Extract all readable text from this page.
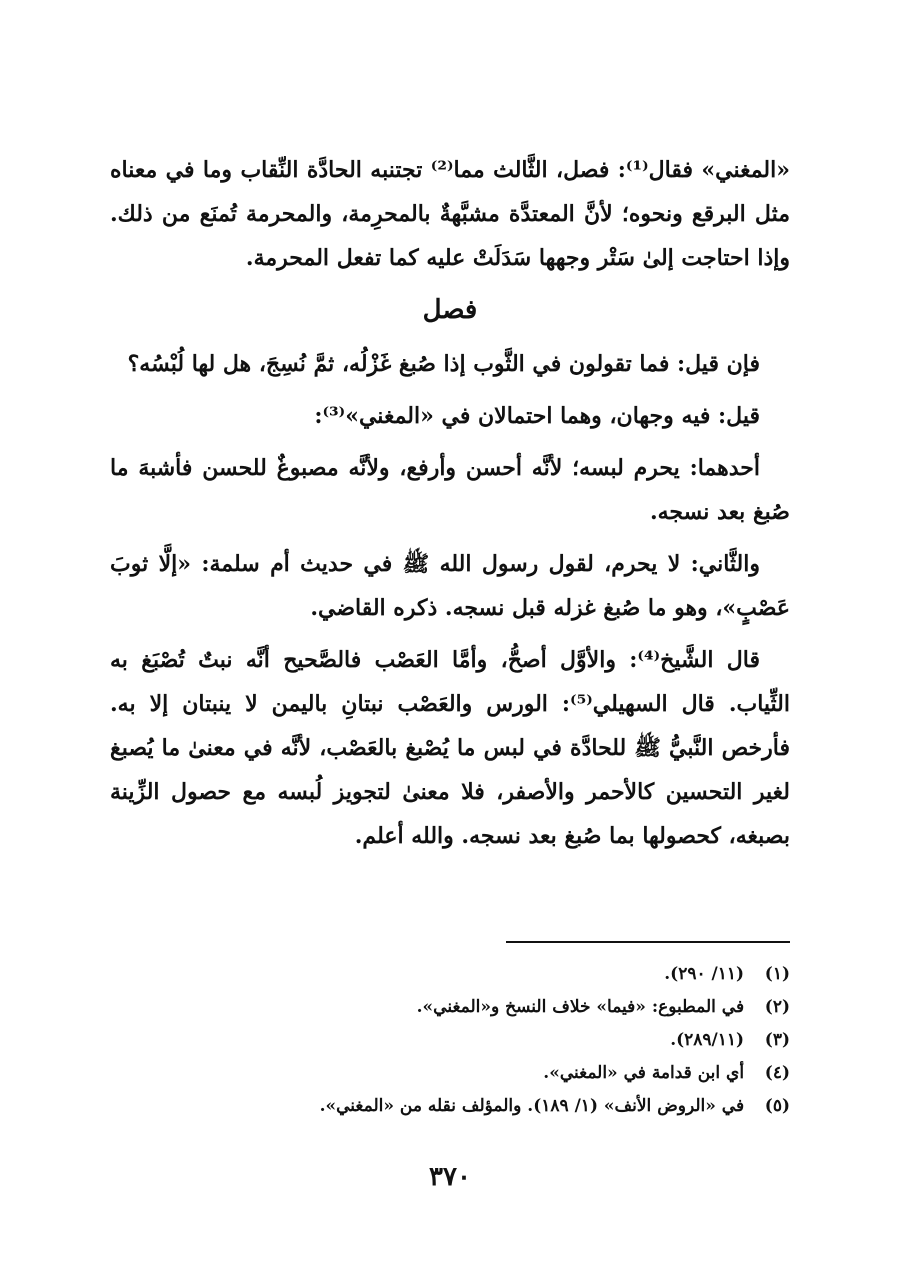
«المغني» فقال⁽¹⁾: فصل، الثَّالث مما⁽²⁾ تجتنبه الحادَّة النِّقاب وما في معناه مثل البرقع ونحوه؛ لأنَّ المعتدَّة مشبَّهةٌ بالمحرِمة، والمحرمة تُمنَع من ذلك. وإذا احتاجت إلىٰ سَتْر وجهها سَدَلَتْ عليه كما تفعل المحرمة.

فصل

فإن قيل: فما تقولون في الثَّوب إذا صُبغ غَزْلُه، ثمَّ نُسِجَ، هل لها لُبْسُه؟

قيل: فيه وجهان، وهما احتمالان في «المغني»⁽³⁾:

أحدهما: يحرم لبسه؛ لأنَّه أحسن وأرفع، ولأنَّه مصبوغٌ للحسن فأشبهَ ما صُبغ بعد نسجه.

والثَّاني: لا يحرم، لقول رسول الله ﷺ في حديث أم سلمة: «إلَّا ثوبَ عَصْبٍ»، وهو ما صُبغ غزله قبل نسجه. ذكره القاضي.

قال الشَّيخ⁽⁴⁾: والأوَّل أصحُّ، وأمَّا العَصْب فالصَّحيح أنَّه نبتٌ تُصْبَغ به الثِّياب. قال السهيلي⁽⁵⁾: الورس والعَصْب نبتانِ باليمن لا ينبتان إلا به. فأرخص النَّبيُّ ﷺ للحادَّة في لبس ما يُصْبغ بالعَصْب، لأنَّه في معنىٰ ما يُصبغ لغير التحسين كالأحمر والأصفر، فلا معنىٰ لتجويز لُبسه مع حصول الزِّينة بصبغه، كحصولها بما صُبغ بعد نسجه. والله أعلم.

(١) (١١/ ٢٩٠).
(٢) في المطبوع: «فيما» خلاف النسخ و«المغني».
(٣) (٢٨٩/١١).
(٤) أي ابن قدامة في «المغني».
(٥) في «الروض الأنف» (١/ ١٨٩). والمؤلف نقله من «المغني».
٣٧٠
